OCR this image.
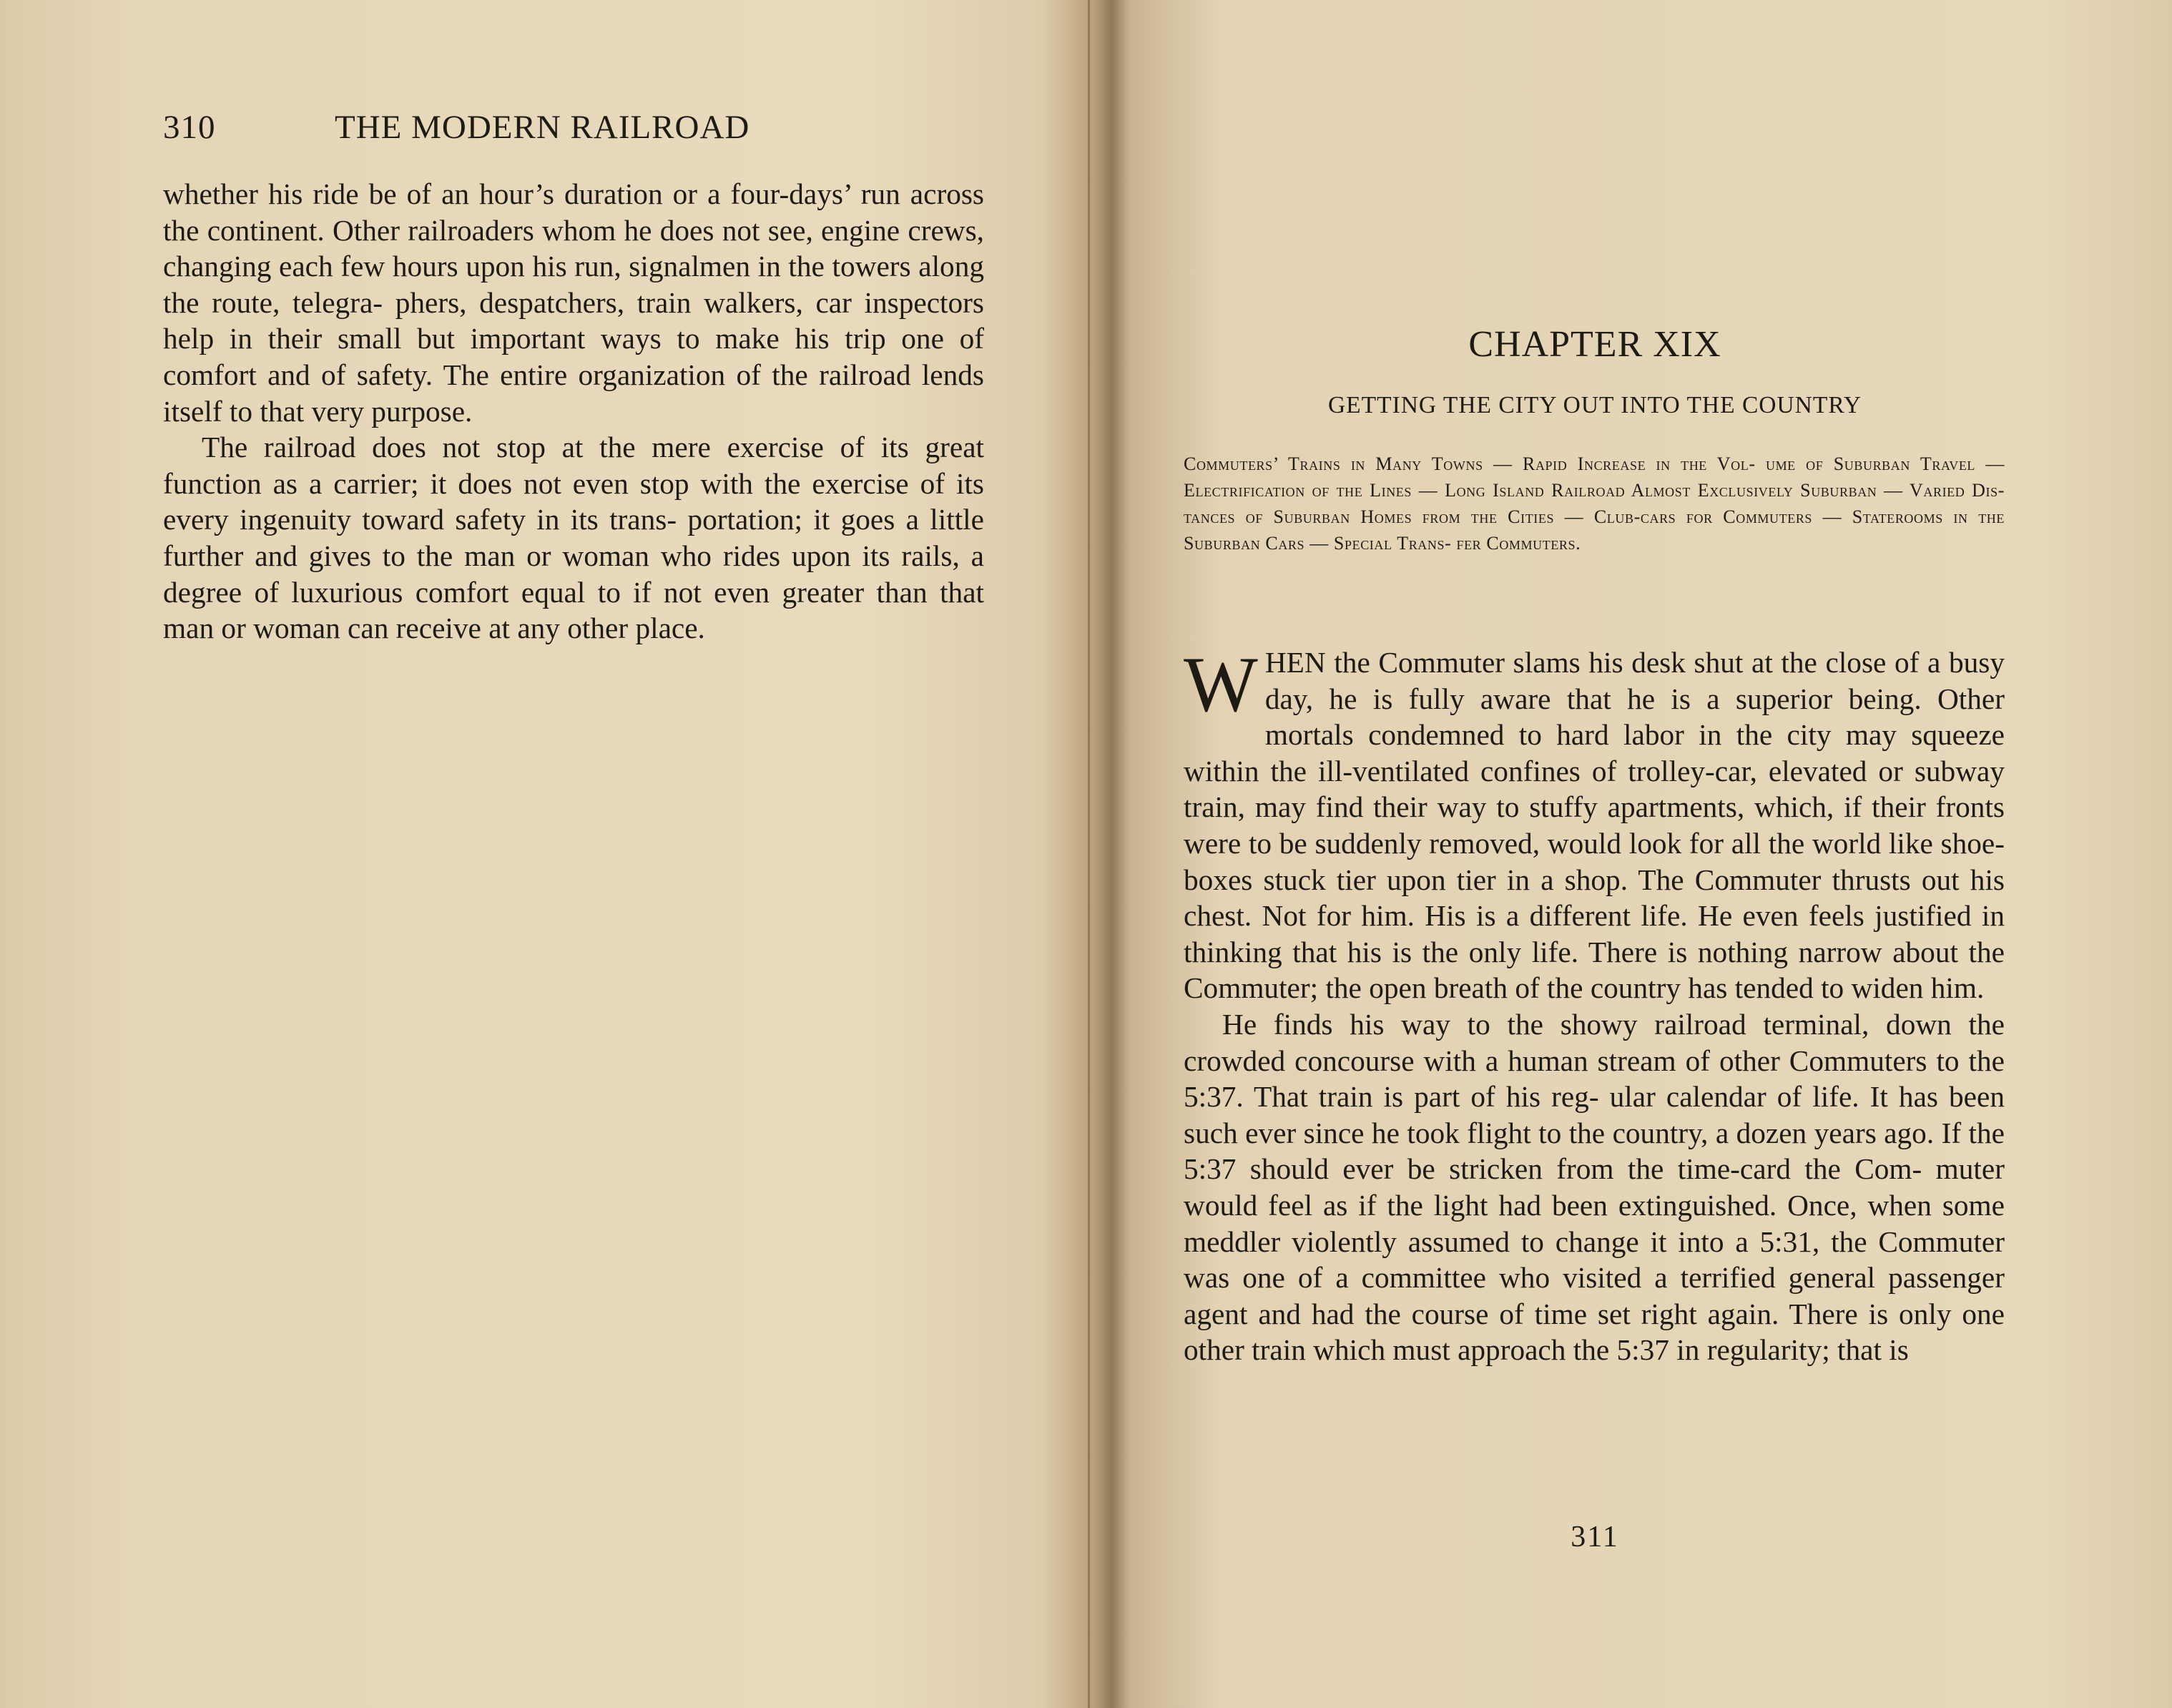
310	THE MODERN RAILROAD

whether his ride be of an hour’s duration or a four-days’ run across the continent. Other railroaders whom he does not see, engine crews, changing each few hours upon his run, signalmen in the towers along the route, telegra- phers, despatchers, train walkers, car inspectors help in their small but important ways to make his trip one of comfort and of safety. The entire organization of the railroad lends itself to that very purpose.

The railroad does not stop at the mere exercise of its great function as a carrier; it does not even stop with the exercise of its every ingenuity toward safety in its trans- portation; it goes a little further and gives to the man or woman who rides upon its rails, a degree of luxurious comfort equal to if not even greater than that man or woman can receive at any other place.

CHAPTER XIX
GETTING THE CITY OUT INTO THE COUNTRY
Commuters’ Trains in Many Towns — Rapid Increase in the Vol- ume of Suburban Travel — Electrification of the Lines — Long Island Railroad Almost Exclusively Suburban — Varied Dis- tances of Suburban Homes from the Cities — Club-cars for Commuters — Staterooms in the Suburban Cars — Special Trans- fer Commuters.

WHEN the Commuter slams his desk shut at the close of a busy day, he is fully aware that he is a superior being. Other mortals condemned to hard labor in the city may squeeze within the ill-ventilated confines of trolley-car, elevated or subway train, may find their way to stuffy apartments, which, if their fronts were to be suddenly removed, would look for all the world like shoe-boxes stuck tier upon tier in a shop. The Commuter thrusts out his chest. Not for him. His is a different life. He even feels justified in thinking that his is the only life. There is nothing narrow about the Commuter; the open breath of the country has tended to widen him.

He finds his way to the showy railroad terminal, down the crowded concourse with a human stream of other Commuters to the 5:37. That train is part of his reg- ular calendar of life. It has been such ever since he took flight to the country, a dozen years ago. If the 5:37 should ever be stricken from the time-card the Com- muter would feel as if the light had been extinguished. Once, when some meddler violently assumed to change it into a 5:31, the Commuter was one of a committee who visited a terrified general passenger agent and had the course of time set right again. There is only one other train which must approach the 5:37 in regularity; that is

311
